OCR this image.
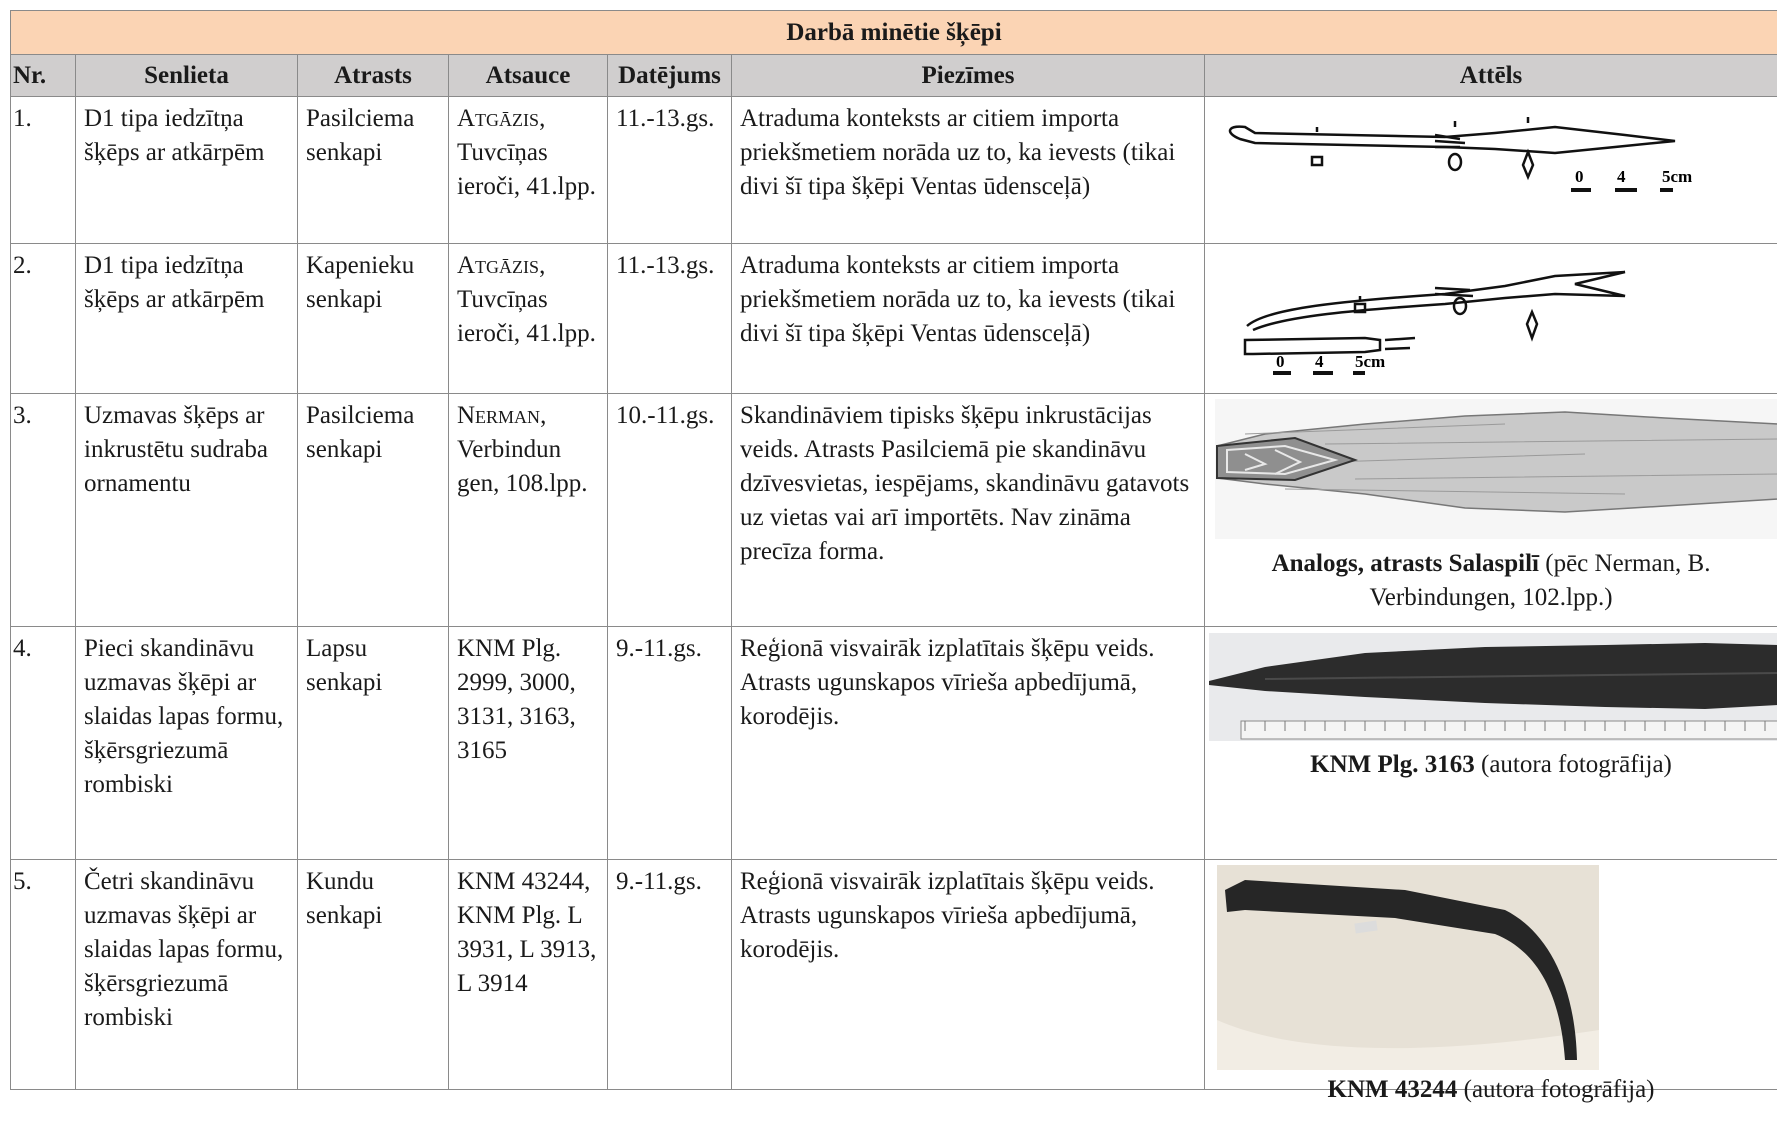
Darbā minētie šķēpi						
Nr.	Senlieta	Atrasts	Atsauce	Datējums	Piezīmes	Attēls
1.	D1 tipa iedzītņa šķēps ar atkārpēm	Pasilciema senkapi	Atgāzis, Tuvcīņas ieroči, 41.lpp.	11.-13.gs.	Atraduma konteksts ar citiem importa priekšmetiem norāda uz to, ka ievests (tikai divi šī tipa šķēpi Ventas ūdensceļā)	0 4 5cm

2.	D1 tipa iedzītņa šķēps ar atkārpēm	Kapenieku senkapi	Atgāzis, Tuvcīņas ieroči, 41.lpp.	11.-13.gs.	Atraduma konteksts ar citiem importa priekšmetiem norāda uz to, ka ievests (tikai divi šī tipa šķēpi Ventas ūdensceļā)	0 4 5cm

3.	Uzmavas šķēps ar inkrustētu sudraba ornamentu	Pasilciema senkapi	Nerman, Verbindun gen, 108.lpp.	10.-11.gs.	Skandināviem tipisks šķēpu inkrustācijas veids. Atrasts Pasilciemā pie skandināvu dzīvesvietas, iespējams, skandināvu gatavots uz vietas vai arī importēts. Nav zināma precīza forma.	Analogs, atrasts Salaspilī (pēc Nerman, B. Verbindungen, 102.lpp.)

4.	Pieci skandināvu uzmavas šķēpi ar slaidas lapas formu, šķērsgriezumā rombiski	Lapsu senkapi	KNM Plg. 2999, 3000, 3131, 3163, 3165	9.-11.gs.	Reģionā visvairāk izplatītais šķēpu veids. Atrasts ugunskapos vīrieša apbedījumā, korodējis.	KNM Plg. 3163 (autora fotogrāfija)

5.	Četri skandināvu uzmavas šķēpi ar slaidas lapas formu, šķērsgriezumā rombiski	Kundu senkapi	KNM 43244, KNM Plg. L 3931, L 3913, L 3914	9.-11.gs.	Reģionā visvairāk izplatītais šķēpu veids. Atrasts ugunskapos vīrieša apbedījumā, korodējis.	KNM 43244 (autora fotogrāfija)
